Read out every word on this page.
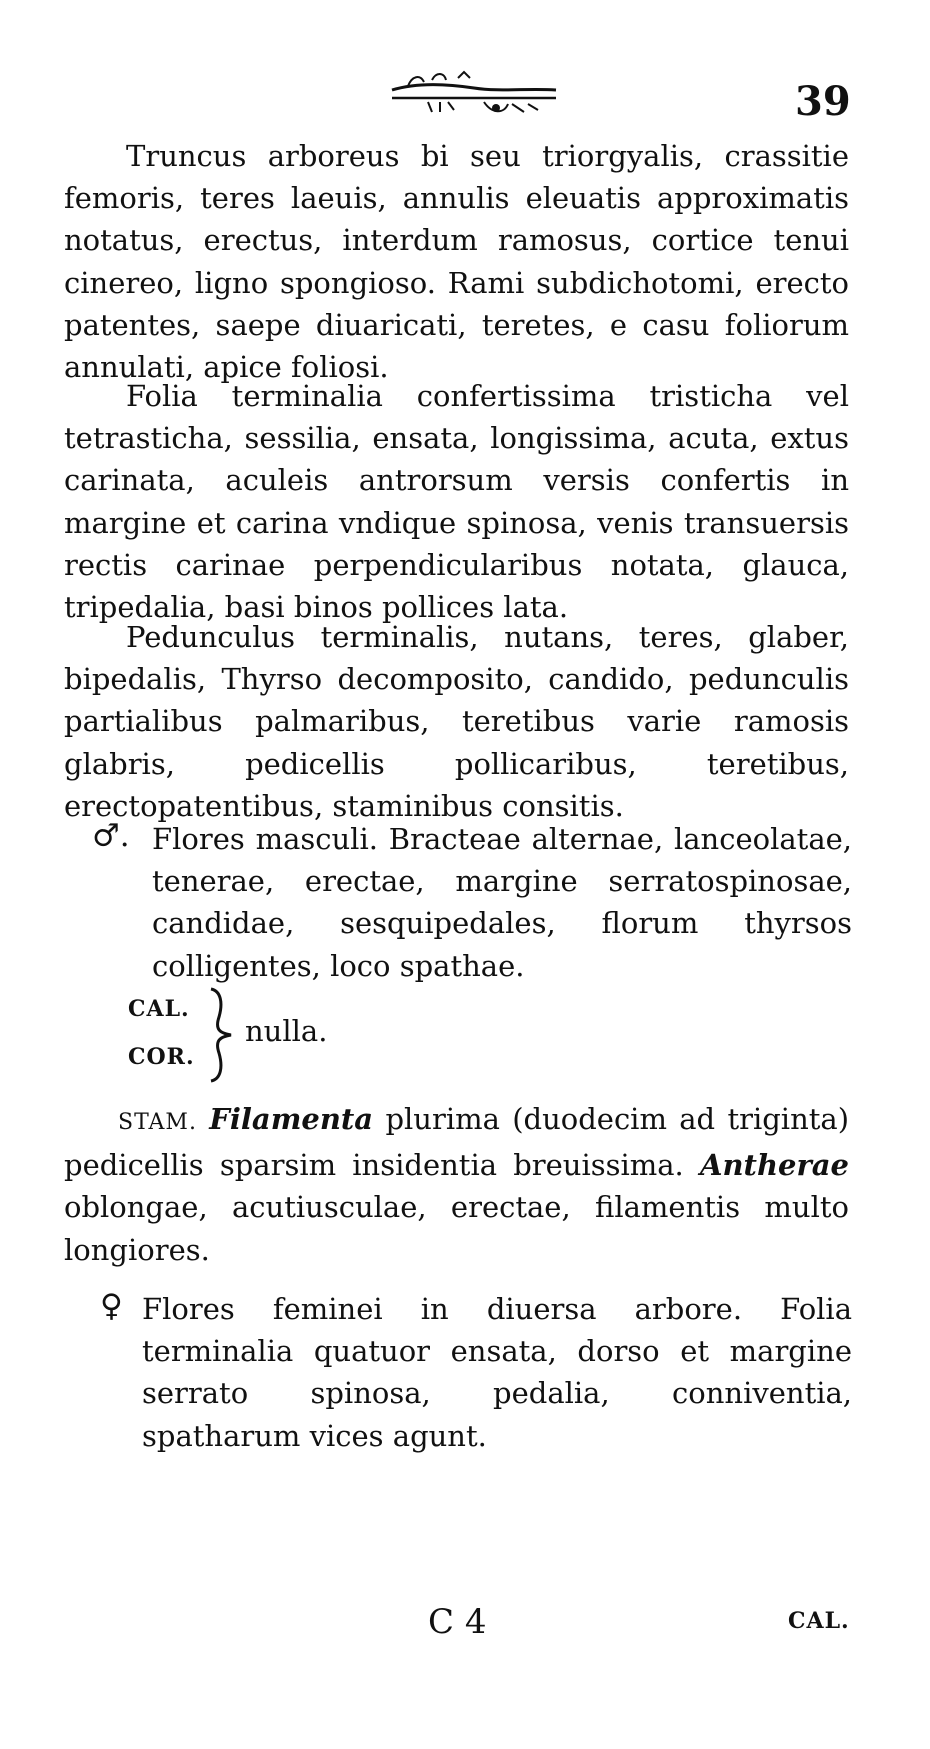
39

Truncus arboreus bi seu triorgyalis, crassitie femoris, teres laeuis, annulis eleuatis approximatis notatus, erectus, interdum ramosus, cortice tenui cinereo, ligno spongioso. Rami subdichotomi, erecto patentes, saepe diuaricati, teretes, e casu foliorum annulati, apice foliosi.

Folia terminalia confertissima tristicha vel tetrasticha, sessilia, ensata, longissima, acuta, extus carinata, aculeis antrorsum versis confertis in margine et carina vndique spinosa, venis transuersis rectis carinae perpendicularibus notata, glauca, tripedalia, basi binos pollices lata.

Pedunculus terminalis, nutans, teres, glaber, bipedalis, Thyrso decomposito, candido, pedunculis partialibus palmaribus, teretibus varie ramosis glabris, pedicellis pollicaribus, teretibus, erectopatentibus, staminibus consitis.

♂. Flores masculi. Bracteae alternae, lanceolatae, tenerae, erectae, margine serratospinosae, candidae, sesquipedales, florum thyrsos colligentes, loco spathae.

CAL.
COR.
nulla.

STAM. Filamenta plurima (duodecim ad triginta) pedicellis sparsim insidentia breuissima. Antherae oblongae, acutiusculae, erectae, filamentis multo longiores.

♀ Flores feminei in diuersa arbore. Folia terminalia quatuor ensata, dorso et margine serrato spinosa, pedalia, conniventia, spatharum vices agunt.

C 4	CAL.
